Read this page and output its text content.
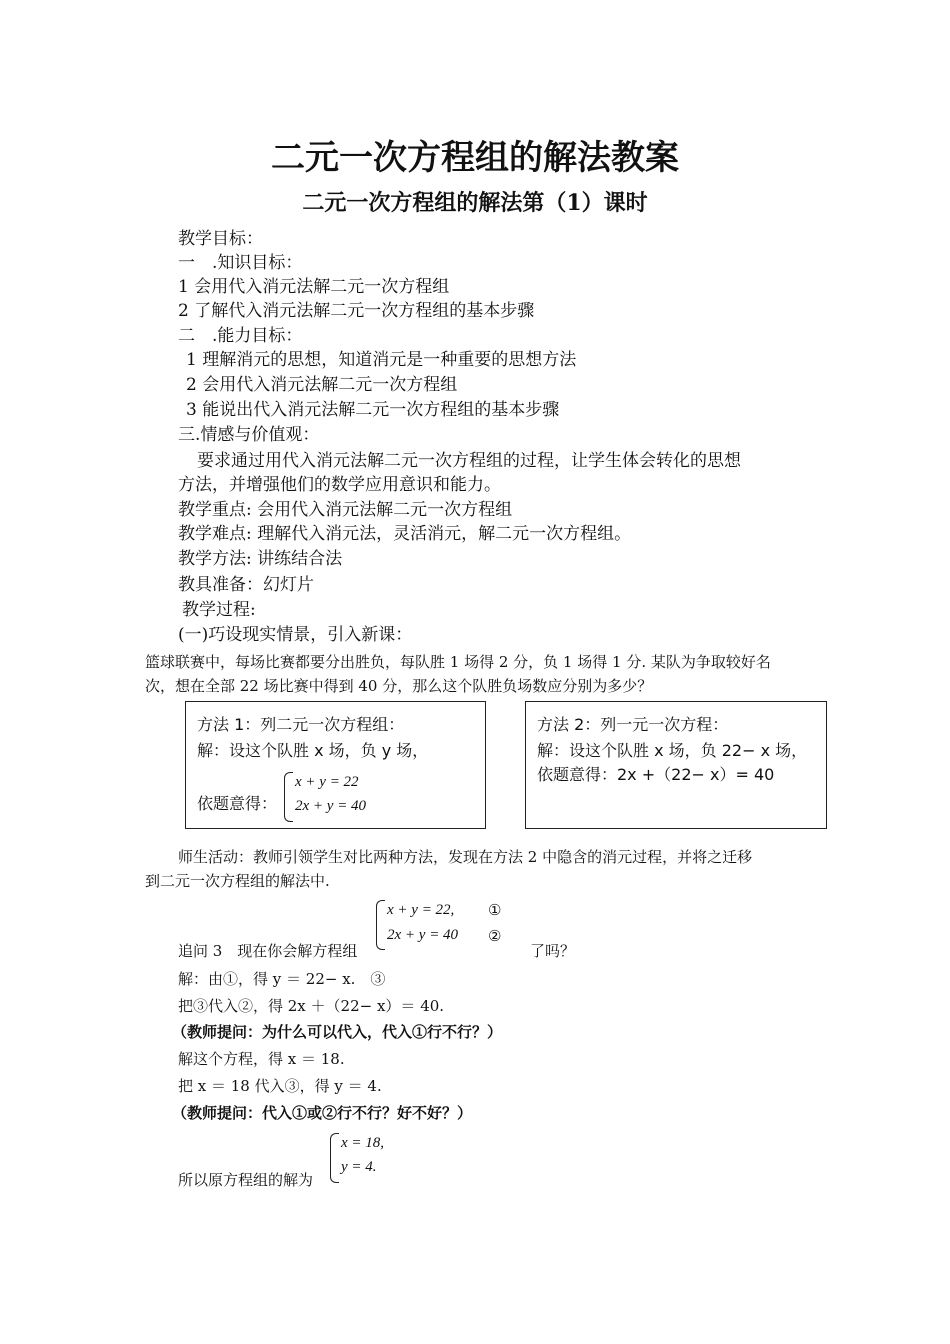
二元一次方程组的解法教案
二元一次方程组的解法第（1）课时
教学目标：
一　.知识目标：
1 会用代入消元法解二元一次方程组
2 了解代入消元法解二元一次方程组的基本步骤
二　.能力目标：
1 理解消元的思想，知道消元是一种重要的思想方法
2 会用代入消元法解二元一次方程组
3 能说出代入消元法解二元一次方程组的基本步骤
三.情感与价值观：
要求通过用代入消元法解二元一次方程组的过程，让学生体会转化的思想
方法，并增强他们的数学应用意识和能力。
教学重点: 会用代入消元法解二元一次方程组
教学难点: 理解代入消元法，灵活消元，解二元一次方程组。
教学方法: 讲练结合法
教具准备：幻灯片
教学过程:
(一)巧设现实情景，引入新课：
篮球联赛中，每场比赛都要分出胜负，每队胜 1 场得 2 分，负 1 场得 1 分. 某队为争取较好名
次，想在全部 22 场比赛中得到 40 分，那么这个队胜负场数应分别为多少？
方法 1：列二元一次方程组：
解：设这个队胜 x 场，负 y 场，
依题意得：
x + y = 22
2x + y = 40
方法 2：列一元一次方程：
解：设这个队胜 x 场，负 22− x 场，
依题意得：2x +（22− x）= 40
师生活动：教师引领学生对比两种方法，发现在方法 2 中隐含的消元过程，并将之迁移
到二元一次方程组的解法中.
追问 3　现在你会解方程组
x + y = 22,
2x + y = 40
①
②
了吗？
解：由①，得 y ＝ 22− x.　③
把③代入②，得 2x ＋（22− x）＝ 40.
（教师提问：为什么可以代入，代入①行不行？）
解这个方程，得 x ＝ 18.
把 x ＝ 18 代入③，得 y ＝ 4.
（教师提问：代入①或②行不行？好不好？）
所以原方程组的解为
x = 18,
y = 4.
